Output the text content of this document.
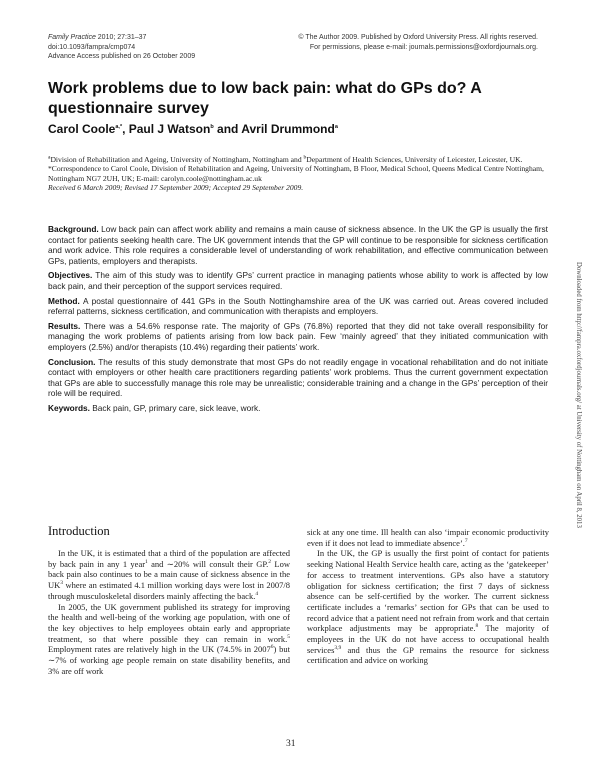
Family Practice 2010; 27:31–37
doi:10.1093/fampra/cmp074
Advance Access published on 26 October 2009
© The Author 2009. Published by Oxford University Press. All rights reserved.
For permissions, please e-mail: journals.permissions@oxfordjournals.org.
Work problems due to low back pain: what do GPs do? A questionnaire survey
Carol Coole$^{a,*}$, Paul J Watson$^b$ and Avril Drummond$^a$
$^a$Division of Rehabilitation and Ageing, University of Nottingham, Nottingham and $^b$Department of Health Sciences, University of Leicester, Leicester, UK.
*Correspondence to Carol Coole, Division of Rehabilitation and Ageing, University of Nottingham, B Floor, Medical School, Queens Medical Centre Nottingham, Nottingham NG7 2UH, UK; E-mail: carolyn.coole@nottingham.ac.uk
Received 6 March 2009; Revised 17 September 2009; Accepted 29 September 2009.

Background. Low back pain can affect work ability and remains a main cause of sickness absence. In the UK the GP is usually the first contact for patients seeking health care. The UK government intends that the GP will continue to be responsible for sickness certification and work advice. This role requires a considerable level of understanding of work rehabilitation, and effective communication between GPs, patients, employers and therapists.

Objectives. The aim of this study was to identify GPs’ current practice in managing patients whose ability to work is affected by low back pain, and their perception of the support services required.

Method. A postal questionnaire of 441 GPs in the South Nottinghamshire area of the UK was carried out. Areas covered included referral patterns, sickness certification, and communication with therapists and employers.

Results. There was a 54.6% response rate. The majority of GPs (76.8%) reported that they did not take overall responsibility for managing the work problems of patients arising from low back pain. Few ‘mainly agreed’ that they initiated communication with employers (2.5%) and/or therapists (10.4%) regarding their patients’ work.

Conclusion. The results of this study demonstrate that most GPs do not readily engage in vocational rehabilitation and do not initiate contact with employers or other health care practitioners regarding patients’ work problems. Thus the current government expectation that GPs are able to successfully manage this role may be unrealistic; considerable training and a change in the GPs’ perception of their role will be required.

Keywords. Back pain, GP, primary care, sick leave, work.

Introduction

In the UK, it is estimated that a third of the population are affected by back pain in any 1 year$^1$ and ∼20% will consult their GP.$^2$ Low back pain also continues to be a main cause of sickness absence in the $UK^3$ where an estimated 4.1 million working days were lost in 2007/8 through musculoskeletal disorders mainly affecting the back.$^4$

In 2005, the UK government published its strategy for improving the health and well-being of the working age population, with one of the key objectives to help employees obtain early and appropriate treatment, so that where possible they can remain in work.$^5$ Employment rates are relatively high in the UK (74.5% in 2007$^6$) but ∼7% of working age people remain on state disability benefits, and 3% are off work

sick at any one time. Ill health can also ‘impair economic productivity even if it does not lead to immediate absence’.$^7$

In the UK, the GP is usually the first point of contact for patients seeking National Health Service health care, acting as the ‘gatekeeper’ for access to treatment interventions. GPs also have a statutory obligation for sickness certification; the first 7 days of sickness absence can be self-certified by the worker. The current sickness certificate includes a ‘remarks’ section for GPs that can be used to record advice that a patient need not refrain from work and that certain workplace adjustments may be appropriate.$^8$ The majority of employees in the UK do not have access to occupational health services$^{3,9}$ and thus the GP remains the resource for sickness certification and advice on working

31
Downloaded from http://fampra.oxfordjournals.org/ at University of Nottingham on April 8, 2013
